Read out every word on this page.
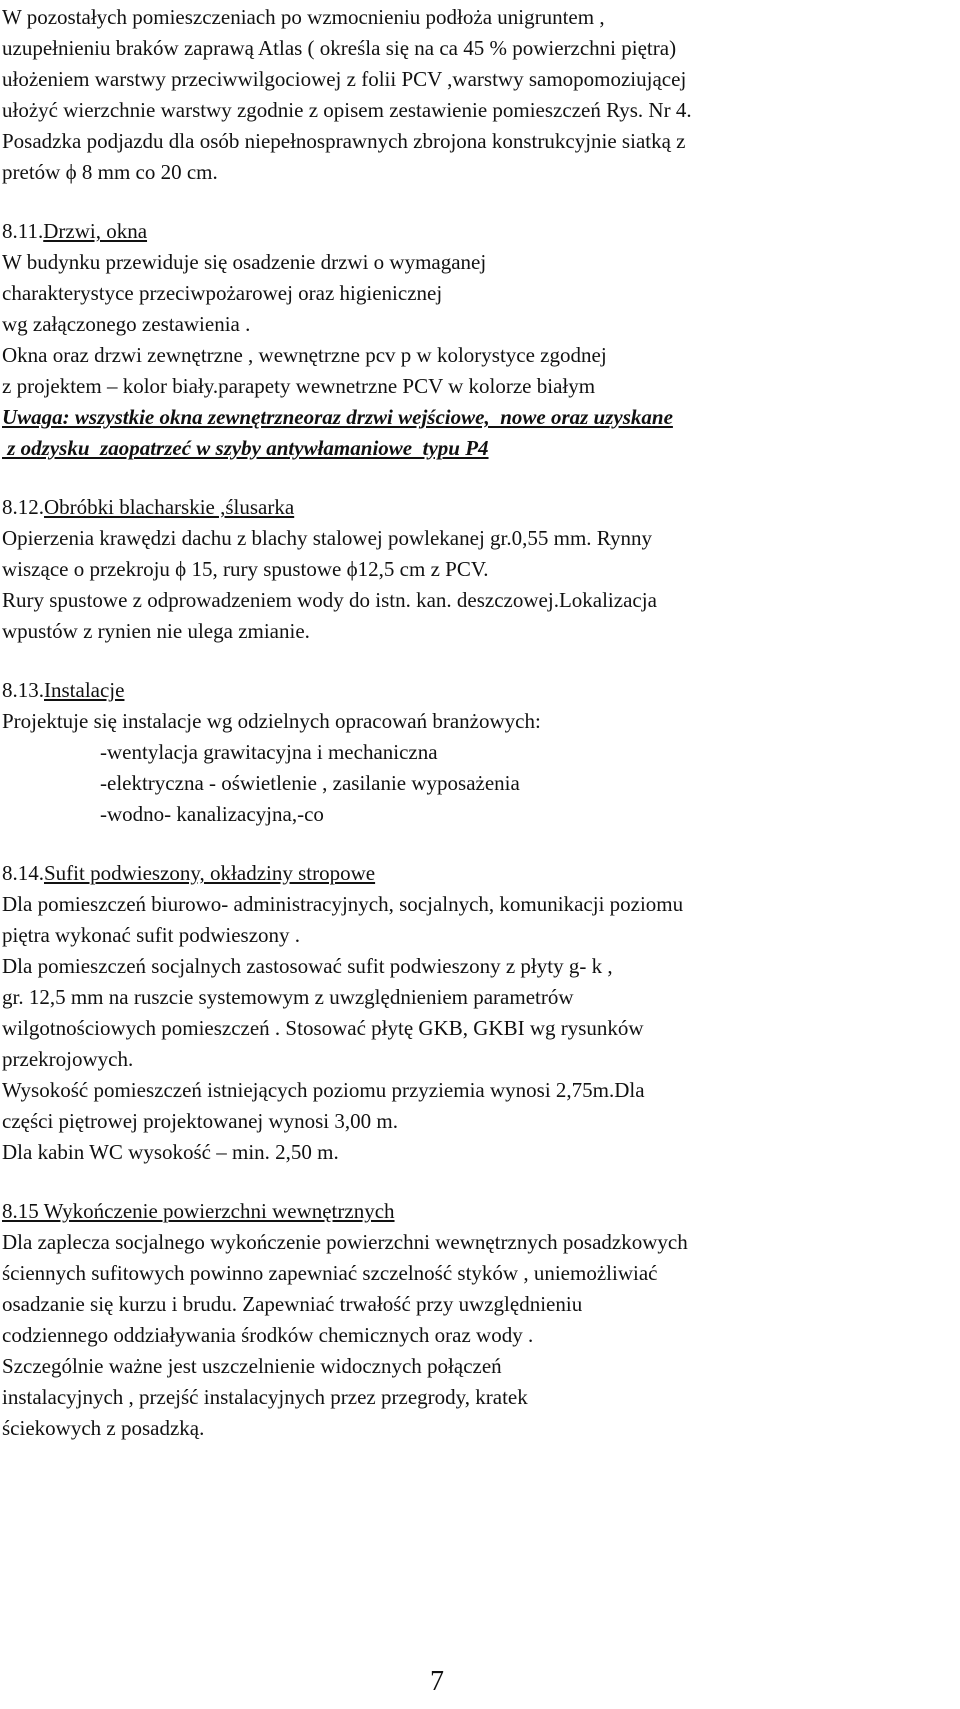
W pozostałych pomieszczeniach po wzmocnieniu podłoża unigruntem ,
uzupełnieniu braków zaprawą Atlas ( określa się na ca 45 % powierzchni piętra)
ułożeniem warstwy przeciwwilgociowej z folii PCV ,warstwy samopomoziującej
ułożyć wierzchnie warstwy zgodnie z opisem zestawienie pomieszczeń Rys. Nr 4.
Posadzka podjazdu dla osób niepełnosprawnych zbrojona konstrukcyjnie siatką z
pretów ϕ 8 mm co 20 cm.
8.11.Drzwi, okna
W budynku przewiduje się osadzenie drzwi o wymaganej
charakterystyce przeciwpożarowej oraz higienicznej
wg załączonego zestawienia .
Okna oraz drzwi zewnętrzne , wewnętrzne pcv p w kolorystyce zgodnej
z projektem – kolor biały.parapety wewnetrzne PCV w kolorze białym
Uwaga: wszystkie okna zewnętrzneoraz drzwi wejściowe,  nowe oraz uzyskane
z odzysku  zaopatrzeć w szyby antywłamaniowe  typu P4
8.12.Obróbki blacharskie ,ślusarka
Opierzenia krawędzi dachu z blachy stalowej powlekanej gr.0,55 mm. Rynny
wiszące o przekroju ϕ 15, rury spustowe ϕ12,5 cm z PCV.
Rury spustowe z odprowadzeniem wody do istn. kan. deszczowej.Lokalizacja
wpustów z rynien nie ulega zmianie.
8.13.Instalacje
Projektuje się instalacje wg odzielnych opracowań branżowych:
-wentylacja grawitacyjna i mechaniczna
-elektryczna - oświetlenie , zasilanie wyposażenia
-wodno- kanalizacyjna,-co
8.14.Sufit podwieszony, okładziny stropowe
Dla pomieszczeń biurowo- administracyjnych, socjalnych, komunikacji poziomu
piętra wykonać sufit podwieszony .
Dla pomieszczeń socjalnych zastosować sufit podwieszony z płyty g- k ,
gr. 12,5 mm na ruszcie systemowym z uwzględnieniem parametrów
wilgotnościowych pomieszczeń . Stosować płytę GKB, GKBI wg rysunków
przekrojowych.
Wysokość pomieszczeń istniejących poziomu przyziemia wynosi 2,75m.Dla
części piętrowej projektowanej wynosi 3,00 m.
Dla kabin WC wysokość – min. 2,50 m.
8.15 Wykończenie powierzchni wewnętrznych
Dla zaplecza socjalnego wykończenie powierzchni wewnętrznych posadzkowych
ściennych sufitowych powinno zapewniać szczelność styków , uniemożliwiać
osadzanie się kurzu i brudu. Zapewniać trwałość przy uwzględnieniu
codziennego oddziaływania środków chemicznych oraz wody .
Szczególnie ważne jest uszczelnienie widocznych połączeń
instalacyjnych , przejść instalacyjnych przez przegrody, kratek
ściekowych z posadzką.
7
